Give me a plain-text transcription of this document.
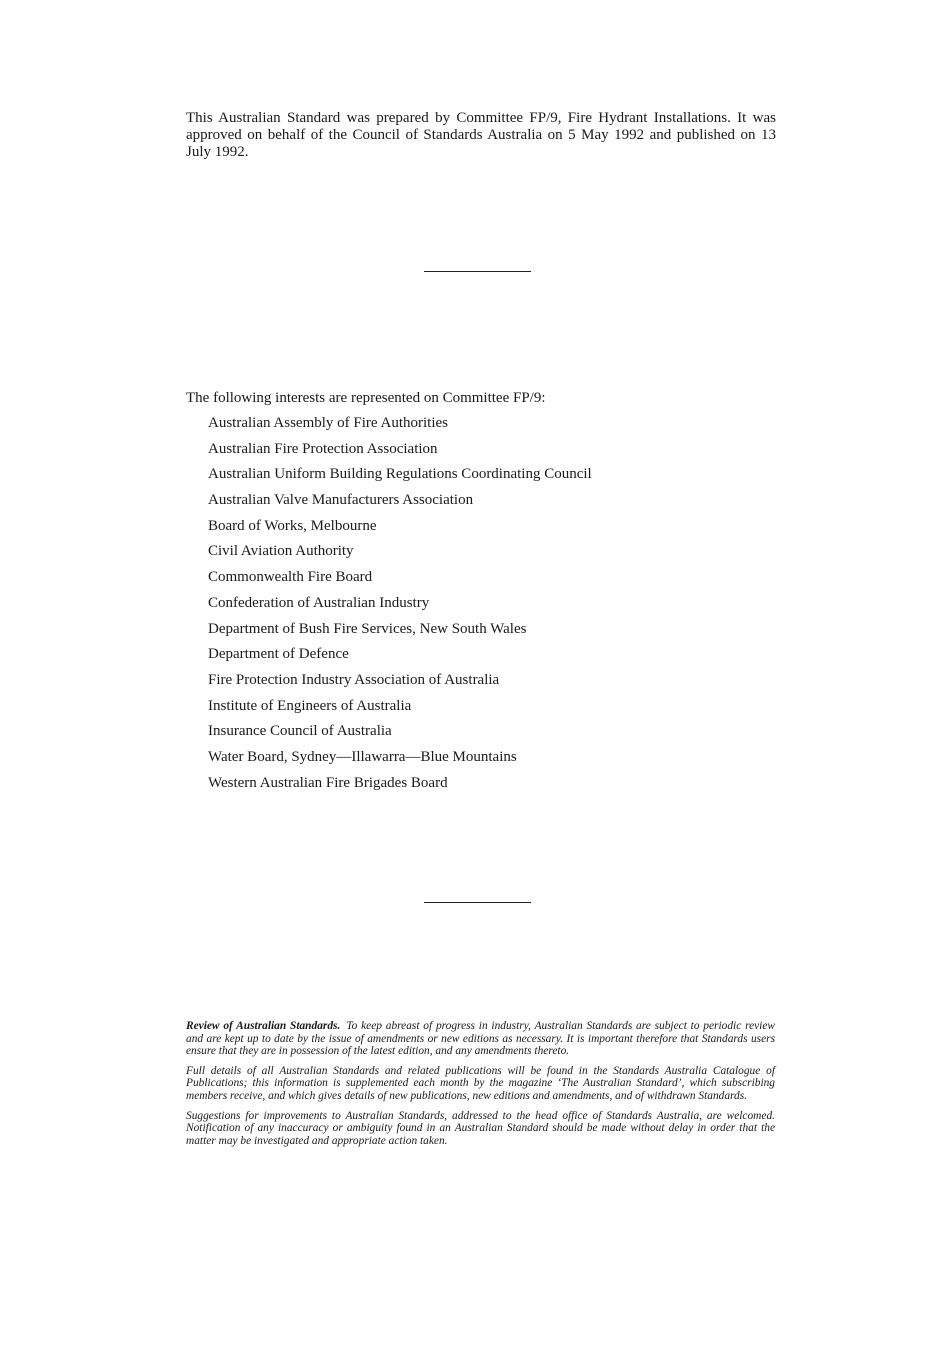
This Australian Standard was prepared by Committee FP/9, Fire Hydrant Installations. It was approved on behalf of the Council of Standards Australia on 5 May 1992 and published on 13 July 1992.
The following interests are represented on Committee FP/9:
Australian Assembly of Fire Authorities
Australian Fire Protection Association
Australian Uniform Building Regulations Coordinating Council
Australian Valve Manufacturers Association
Board of Works, Melbourne
Civil Aviation Authority
Commonwealth Fire Board
Confederation of Australian Industry
Department of Bush Fire Services, New South Wales
Department of Defence
Fire Protection Industry Association of Australia
Institute of Engineers of Australia
Insurance Council of Australia
Water Board, Sydney—Illawarra—Blue Mountains
Western Australian Fire Brigades Board

Review of Australian Standards. To keep abreast of progress in industry, Australian Standards are subject to periodic review and are kept up to date by the issue of amendments or new editions as necessary. It is important therefore that Standards users ensure that they are in possession of the latest edition, and any amendments thereto.

Full details of all Australian Standards and related publications will be found in the Standards Australia Catalogue of Publications; this information is supplemented each month by the magazine ‘The Australian Standard’, which subscribing members receive, and which gives details of new publications, new editions and amendments, and of withdrawn Standards.

Suggestions for improvements to Australian Standards, addressed to the head office of Standards Australia, are welcomed. Notification of any inaccuracy or ambiguity found in an Australian Standard should be made without delay in order that the matter may be investigated and appropriate action taken.
